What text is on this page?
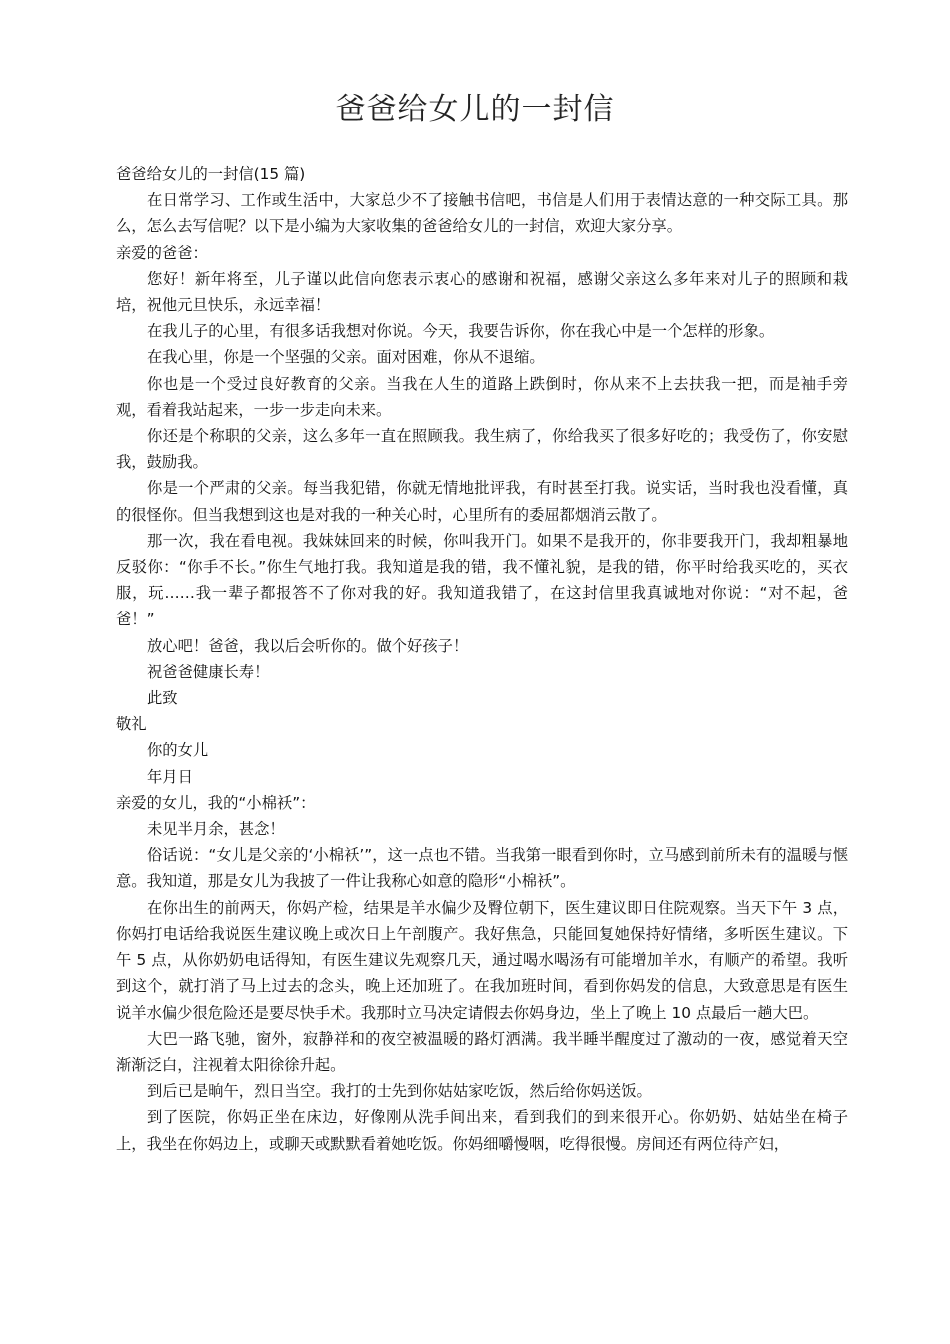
爸爸给女儿的一封信

爸爸给女儿的一封信(15 篇)

在日常学习、工作或生活中，大家总少不了接触书信吧，书信是人们用于表情达意的一种交际工具。那么，怎么去写信呢？以下是小编为大家收集的爸爸给女儿的一封信，欢迎大家分享。

亲爱的爸爸：

您好！新年将至，儿子谨以此信向您表示衷心的感谢和祝福，感谢父亲这么多年来对儿子的照顾和栽培，祝他元旦快乐，永远幸福！

在我儿子的心里，有很多话我想对你说。今天，我要告诉你，你在我心中是一个怎样的形象。

在我心里，你是一个坚强的父亲。面对困难，你从不退缩。

你也是一个受过良好教育的父亲。当我在人生的道路上跌倒时，你从来不上去扶我一把，而是袖手旁观，看着我站起来，一步一步走向未来。

你还是个称职的父亲，这么多年一直在照顾我。我生病了，你给我买了很多好吃的；我受伤了，你安慰我，鼓励我。

你是一个严肃的父亲。每当我犯错，你就无情地批评我，有时甚至打我。说实话，当时我也没看懂，真的很怪你。但当我想到这也是对我的一种关心时，心里所有的委屈都烟消云散了。

那一次，我在看电视。我妹妹回来的时候，你叫我开门。如果不是我开的，你非要我开门，我却粗暴地反驳你：“你手不长。”你生气地打我。我知道是我的错，我不懂礼貌，是我的错，你平时给我买吃的，买衣服，玩……我一辈子都报答不了你对我的好。我知道我错了，在这封信里我真诚地对你说：“对不起，爸爸！”

放心吧！爸爸，我以后会听你的。做个好孩子！

祝爸爸健康长寿！

此致

敬礼

你的女儿

年月日

亲爱的女儿，我的“小棉袄”：

未见半月余，甚念！

俗话说：“女儿是父亲的‘小棉袄’”，这一点也不错。当我第一眼看到你时，立马感到前所未有的温暖与惬意。我知道，那是女儿为我披了一件让我称心如意的隐形“小棉袄”。

在你出生的前两天，你妈产检，结果是羊水偏少及臀位朝下，医生建议即日住院观察。当天下午 3 点，你妈打电话给我说医生建议晚上或次日上午剖腹产。我好焦急，只能回复她保持好情绪，多听医生建议。下午 5 点，从你奶奶电话得知，有医生建议先观察几天，通过喝水喝汤有可能增加羊水，有顺产的希望。我听到这个，就打消了马上过去的念头，晚上还加班了。在我加班时间，看到你妈发的信息，大致意思是有医生说羊水偏少很危险还是要尽快手术。我那时立马决定请假去你妈身边，坐上了晚上 10 点最后一趟大巴。

大巴一路飞驰，窗外，寂静祥和的夜空被温暖的路灯洒满。我半睡半醒度过了激动的一夜，感觉着天空渐渐泛白，注视着太阳徐徐升起。

到后已是晌午，烈日当空。我打的士先到你姑姑家吃饭，然后给你妈送饭。

到了医院，你妈正坐在床边，好像刚从洗手间出来，看到我们的到来很开心。你奶奶、姑姑坐在椅子上，我坐在你妈边上，或聊天或默默看着她吃饭。你妈细嚼慢咽，吃得很慢。房间还有两位待产妇，
